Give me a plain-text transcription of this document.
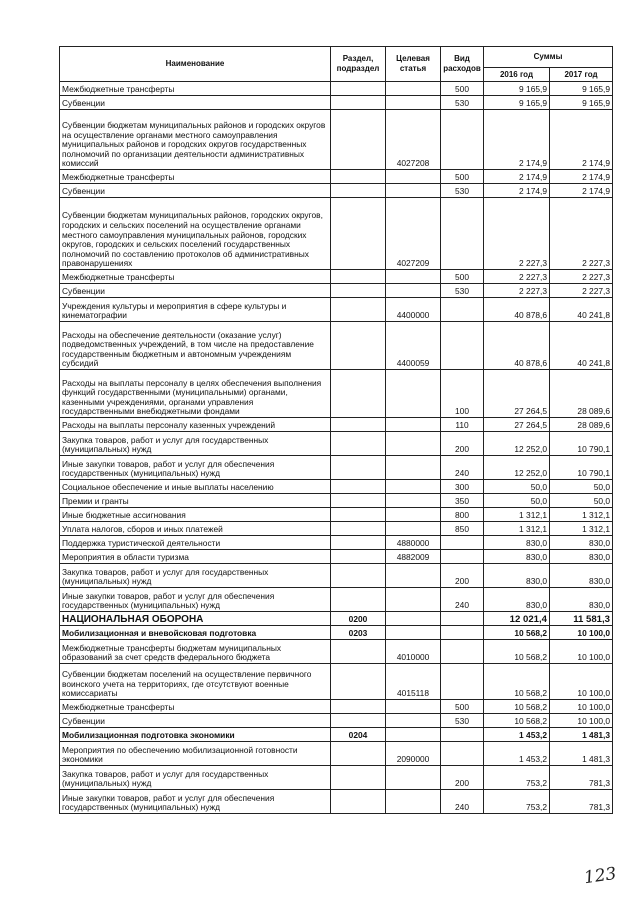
Наименование	Раздел, подраздел	Целевая статья	Вид расходов	Суммы	
				2016 год	2017 год
Межбюджетные трансферты			500	9 165,9	9 165,9
Субвенции			530	9 165,9	9 165,9
Субвенции бюджетам муниципальных районов и городских округов на осуществление органами местного самоуправления муниципальных районов и городских округов государственных полномочий по организации деятельности административных комиссий		4027208		2 174,9	2 174,9
Межбюджетные трансферты			500	2 174,9	2 174,9
Субвенции			530	2 174,9	2 174,9
Субвенции бюджетам муниципальных районов, городских округов, городских и сельских поселений на осуществление органами местного самоуправления муниципальных районов, городских округов, городских и сельских поселений государственных полномочий по составлению протоколов об административных правонарушениях		4027209		2 227,3	2 227,3
Межбюджетные трансферты			500	2 227,3	2 227,3
Субвенции			530	2 227,3	2 227,3
Учреждения культуры и мероприятия в сфере культуры и кинематографии		4400000		40 878,6	40 241,8
Расходы на обеспечение деятельности (оказание услуг) подведомственных учреждений, в том числе на предоставление государственным бюджетным и автономным учреждениям субсидий		4400059		40 878,6	40 241,8
Расходы на выплаты персоналу в целях обеспечения выполнения функций государственными (муниципальными) органами, казенными учреждениями, органами управления государственными внебюджетными фондами			100	27 264,5	28 089,6
Расходы на выплаты персоналу казенных учреждений			110	27 264,5	28 089,6
Закупка товаров, работ и услуг для государственных (муниципальных) нужд			200	12 252,0	10 790,1
Иные закупки товаров, работ и услуг для обеспечения государственных (муниципальных) нужд			240	12 252,0	10 790,1
Социальное обеспечение и иные выплаты населению			300	50,0	50,0
Премии и гранты			350	50,0	50,0
Иные бюджетные ассигнования			800	1 312,1	1 312,1
Уплата налогов, сборов и иных платежей			850	1 312,1	1 312,1
Поддержка туристической деятельности		4880000		830,0	830,0
Мероприятия в области туризма		4882009		830,0	830,0
Закупка товаров, работ и услуг для государственных (муниципальных) нужд			200	830,0	830,0
Иные закупки товаров, работ и услуг для обеспечения государственных (муниципальных) нужд			240	830,0	830,0
НАЦИОНАЛЬНАЯ ОБОРОНА	0200			12 021,4	11 581,3
Мобилизационная и вневойсковая подготовка	0203			10 568,2	10 100,0
Межбюджетные трансферты бюджетам муниципальных образований за счет средств федерального бюджета		4010000		10 568,2	10 100,0
Субвенции бюджетам поселений на осуществление первичного воинского учета на территориях, где отсутствуют военные комиссариаты		4015118		10 568,2	10 100,0
Межбюджетные трансферты			500	10 568,2	10 100,0
Субвенции			530	10 568,2	10 100,0
Мобилизационная подготовка экономики	0204			1 453,2	1 481,3
Мероприятия по обеспечению мобилизационной готовности экономики		2090000		1 453,2	1 481,3
Закупка товаров, работ и услуг для государственных (муниципальных) нужд			200	753,2	781,3
Иные закупки товаров, работ и услуг для обеспечения государственных (муниципальных) нужд			240	753,2	781,3
123
